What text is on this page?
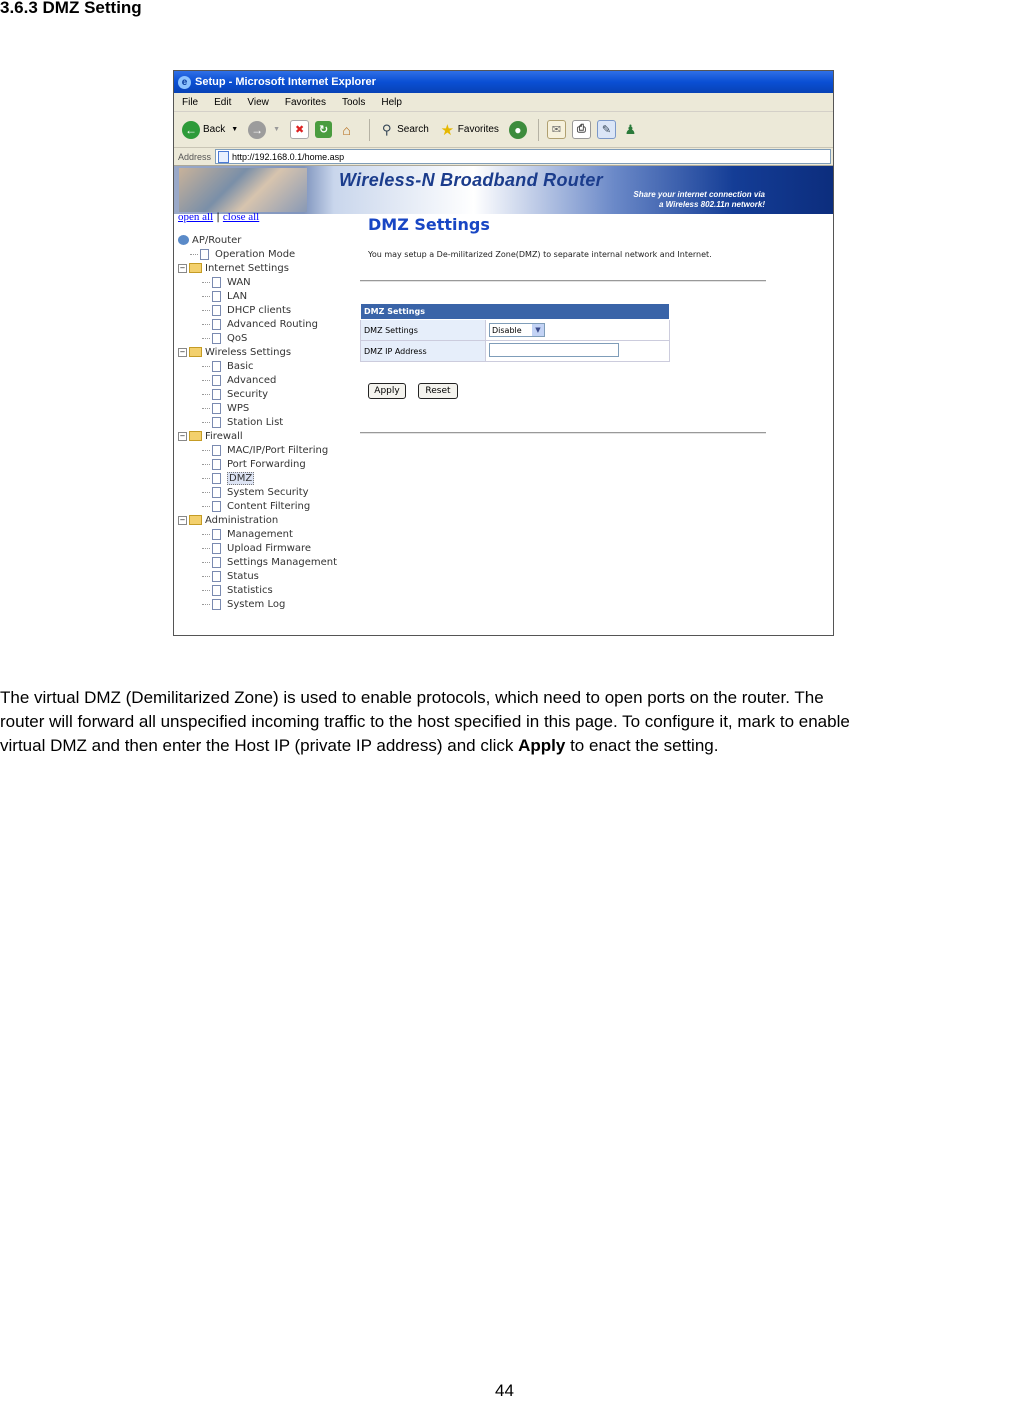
3.6.3 DMZ Setting
e Setup - Microsoft Internet Explorer
File Edit View Favorites Tools Help
← Back ▼ →	▼	✖	↻	⌂	⚲ Search ★ Favorites	●	✉	⎙	✎	♟
Address http://192.168.0.1/home.asp
Wireless-N Broadband Router
Share your internet connection via
a Wireless 802.11n network!
open all | close all
AP/Router
Operation Mode
− Internet Settings
WAN
LAN
DHCP clients
Advanced Routing
QoS
− Wireless Settings
Basic
Advanced
Security
WPS
Station List
− Firewall
MAC/IP/Port Filtering
Port Forwarding
DMZ
System Security
Content Filtering
− Administration
Management
Upload Firmware
Settings Management
Status
Statistics
System Log
DMZ Settings
You may setup a De-militarized Zone(DMZ) to separate internal network and Internet.
DMZ Settings	
DMZ Settings	Disable ▼

DMZ IP Address	
Apply	Reset

The virtual DMZ (Demilitarized Zone) is used to enable protocols, which need to open ports on the router. The

router will forward all unspecified incoming traffic to the host specified in this page. To configure it, mark to enable

virtual DMZ and then enter the Host IP (private IP address) and click Apply to enact the setting.

44
